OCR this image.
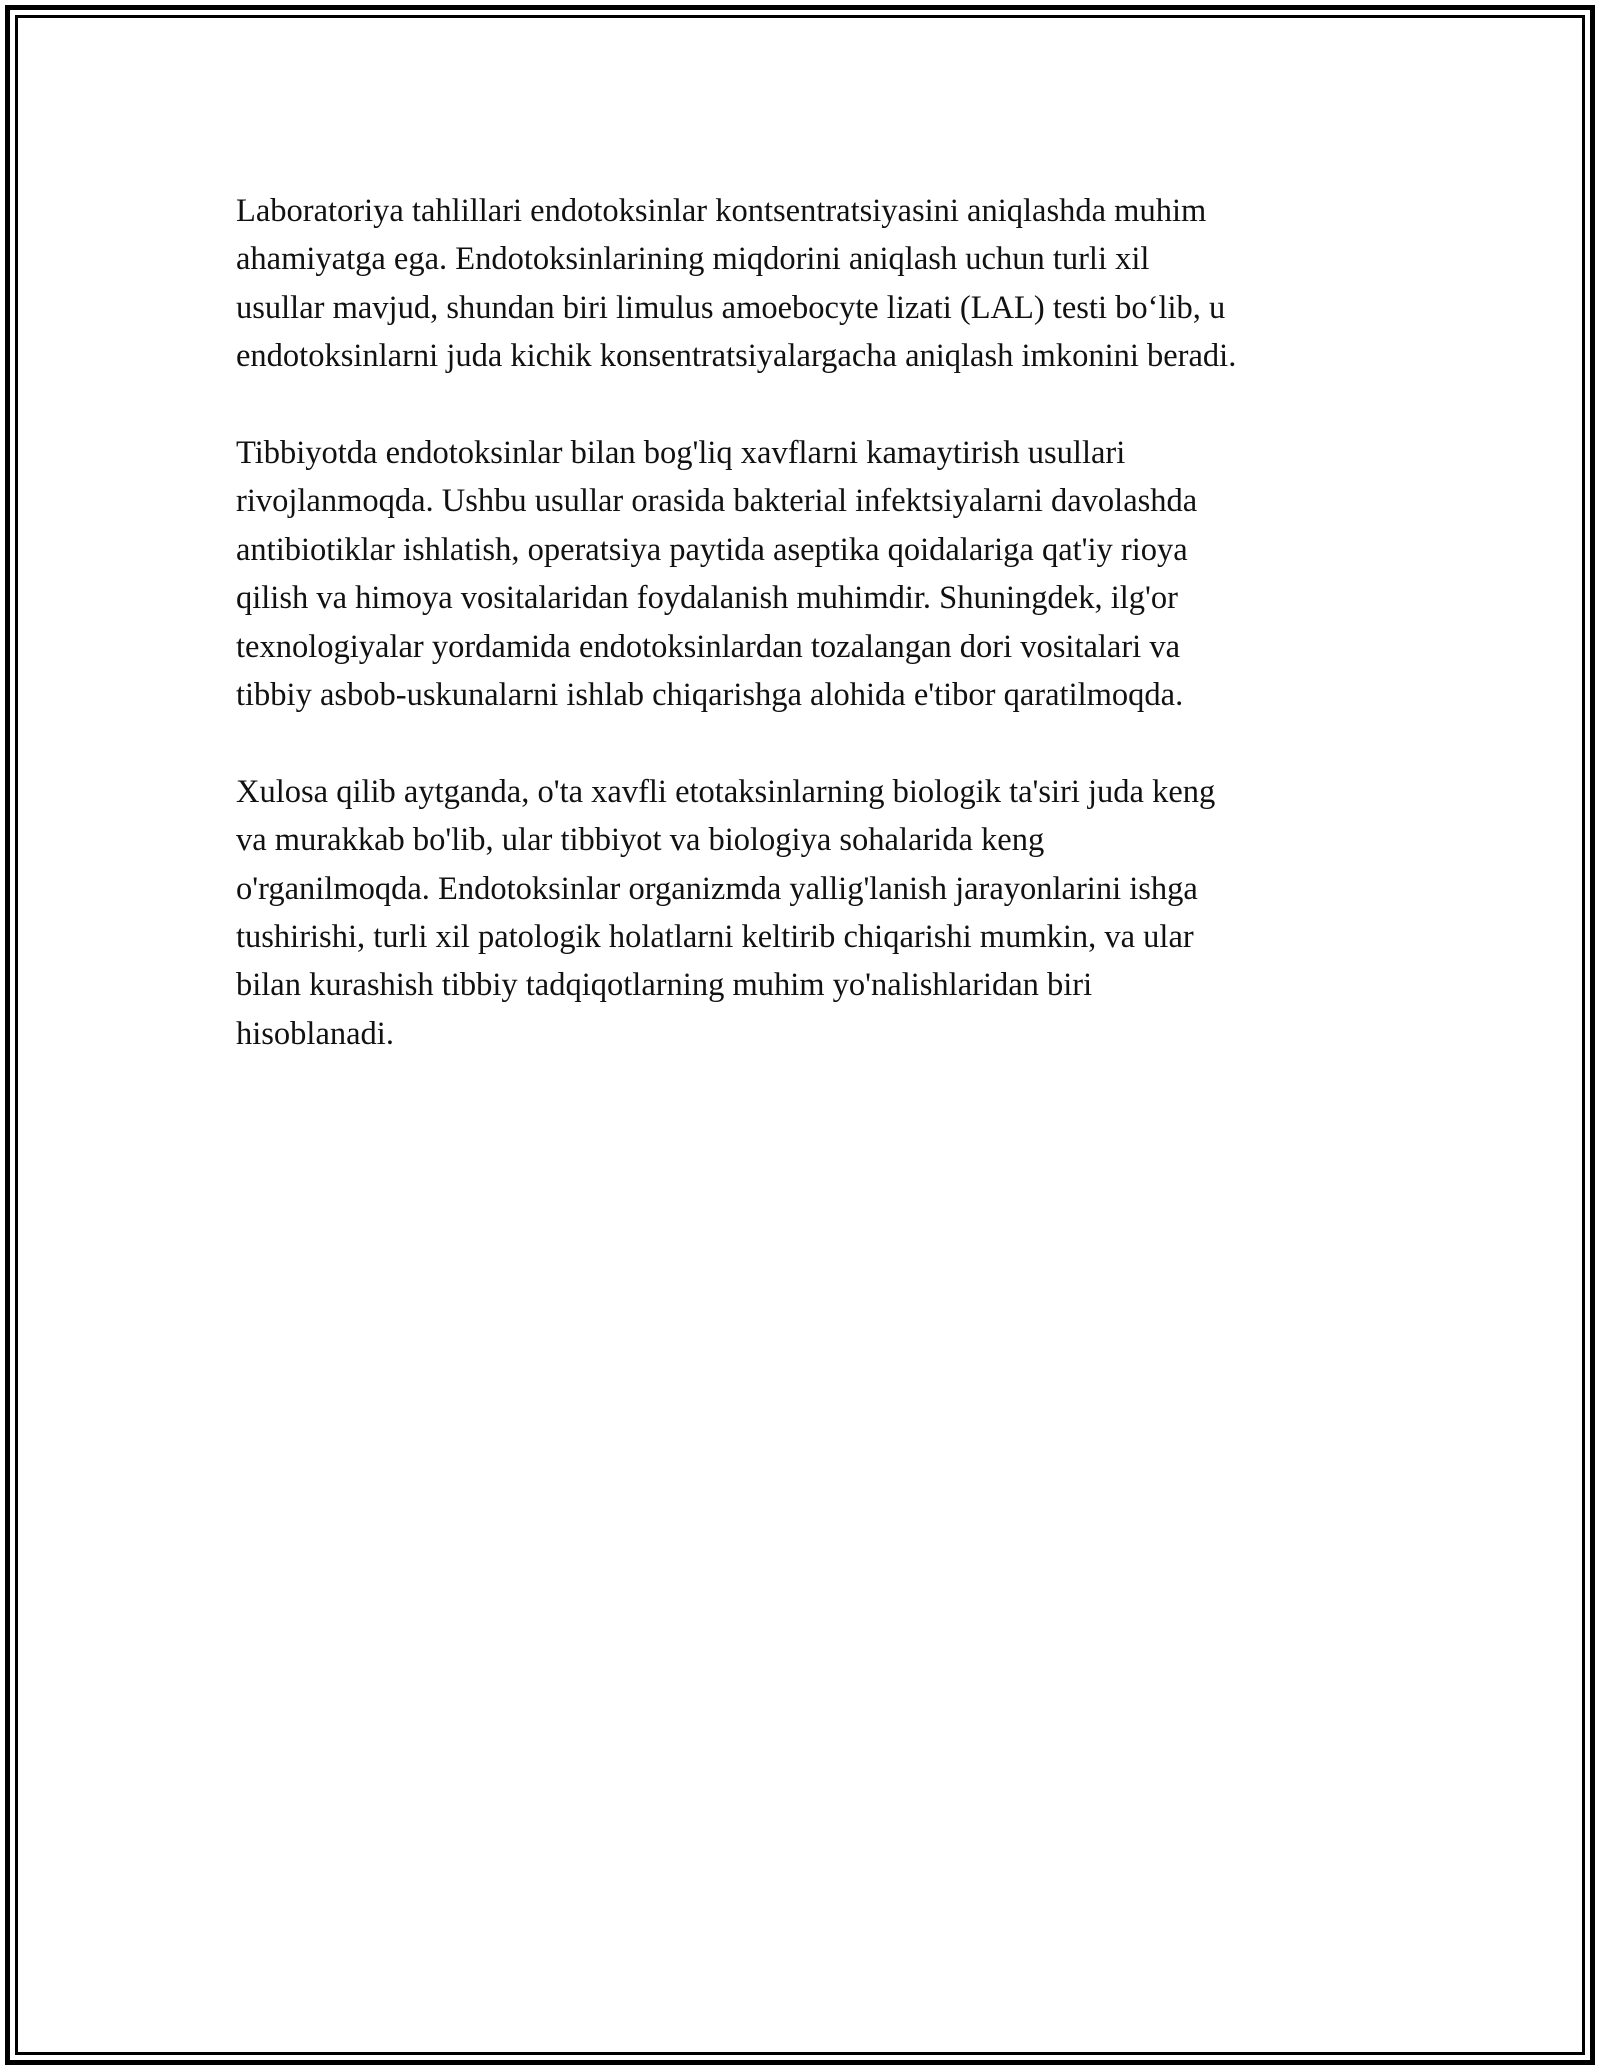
Laboratoriya tahlillari endotoksinlar kontsentratsiyasini aniqlashda muhim
ahamiyatga ega. Endotoksinlarining miqdorini aniqlash uchun turli xil
usullar mavjud, shundan biri limulus amoebocyte lizati (LAL) testi bo‘lib, u
endotoksinlarni juda kichik konsentratsiyalargacha aniqlash imkonini beradi.

Tibbiyotda endotoksinlar bilan bog'liq xavflarni kamaytirish usullari
rivojlanmoqda. Ushbu usullar orasida bakterial infektsiyalarni davolashda
antibiotiklar ishlatish, operatsiya paytida aseptika qoidalariga qat'iy rioya
qilish va himoya vositalaridan foydalanish muhimdir. Shuningdek, ilg'or
texnologiyalar yordamida endotoksinlardan tozalangan dori vositalari va
tibbiy asbob-uskunalarni ishlab chiqarishga alohida e'tibor qaratilmoqda.

Xulosa qilib aytganda, o'ta xavfli etotaksinlarning biologik ta'siri juda keng
va murakkab bo'lib, ular tibbiyot va biologiya sohalarida keng
o'rganilmoqda. Endotoksinlar organizmda yallig'lanish jarayonlarini ishga
tushirishi, turli xil patologik holatlarni keltirib chiqarishi mumkin, va ular
bilan kurashish tibbiy tadqiqotlarning muhim yo'nalishlaridan biri
hisoblanadi.
